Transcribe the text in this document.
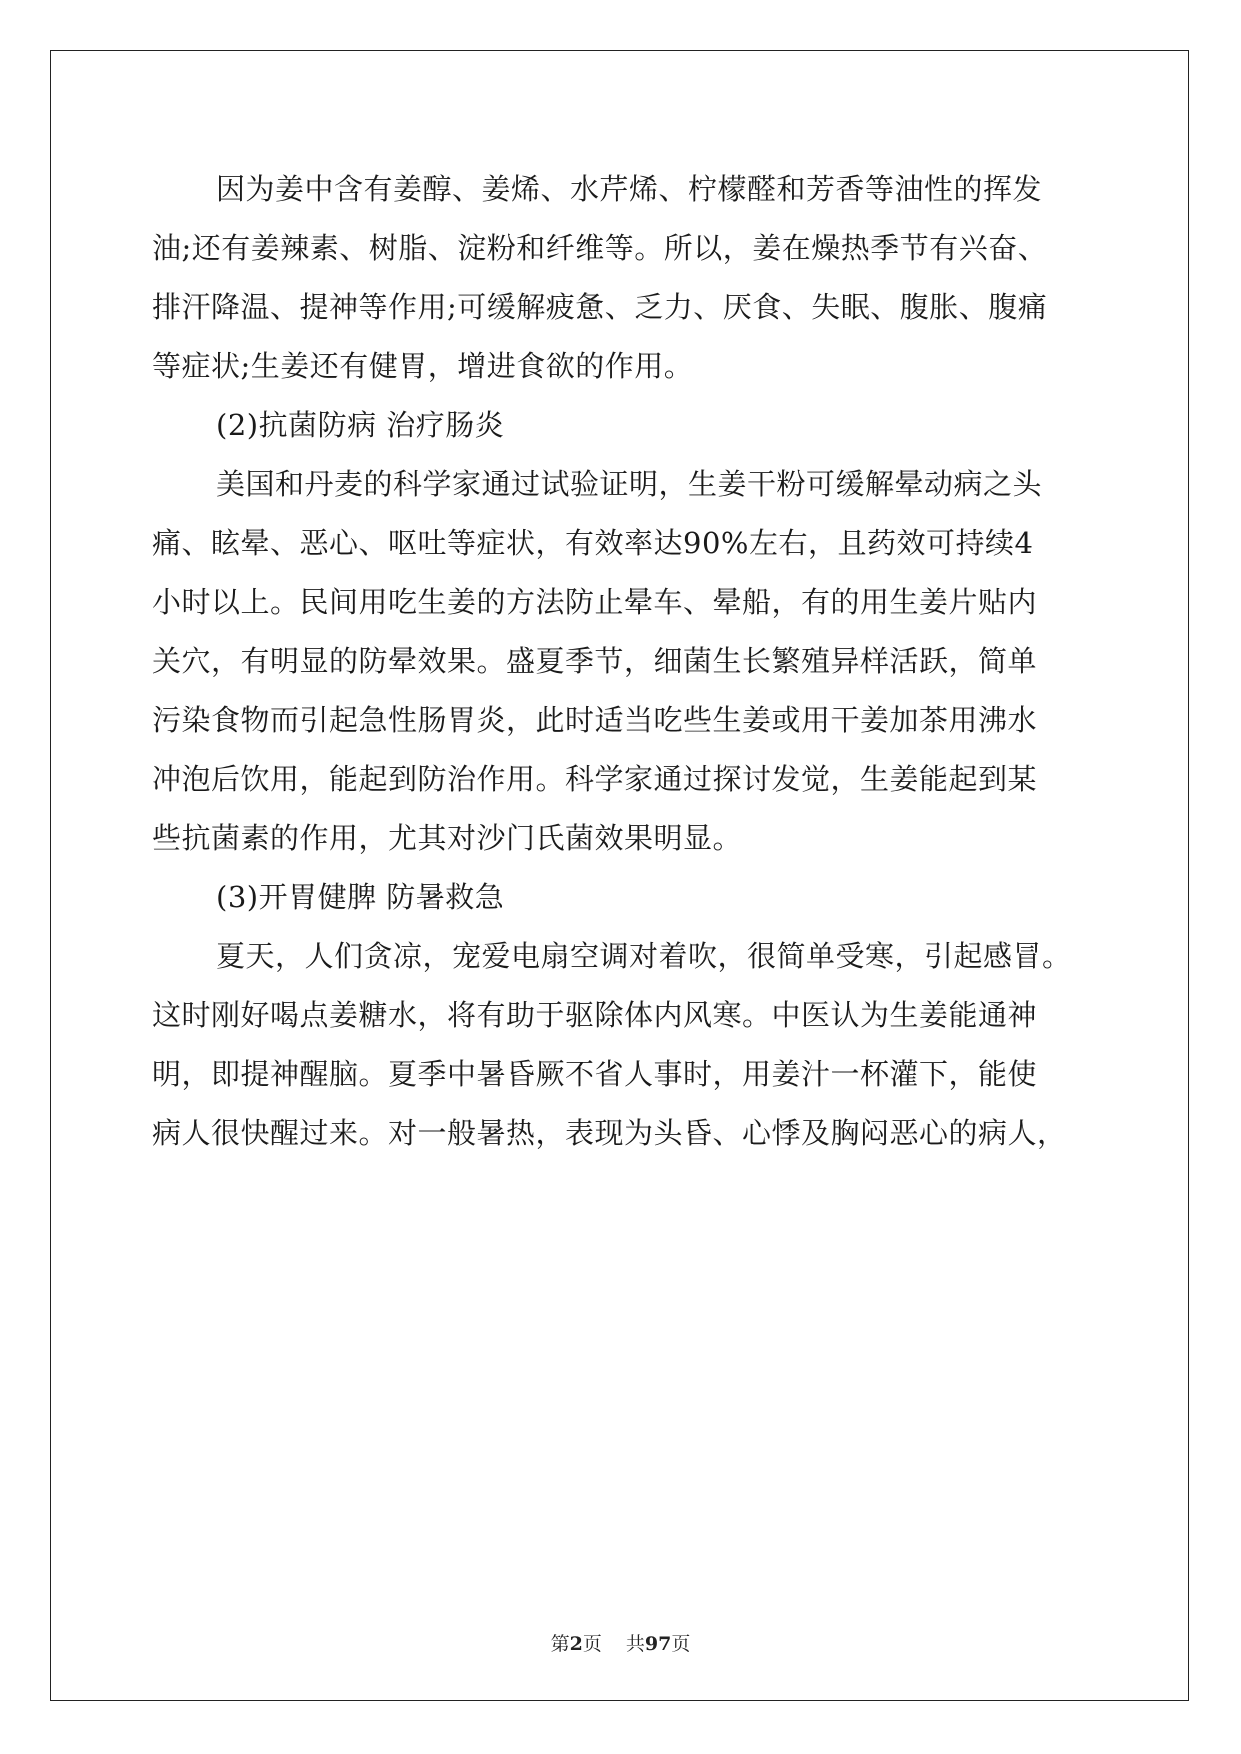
因为姜中含有姜醇、姜烯、水芹烯、柠檬醛和芳香等油性的挥发
油;还有姜辣素、树脂、淀粉和纤维等。所以，姜在燥热季节有兴奋、
排汗降温、提神等作用;可缓解疲惫、乏力、厌食、失眠、腹胀、腹痛
等症状;生姜还有健胃，增进食欲的作用。
(2)抗菌防病 治疗肠炎
美国和丹麦的科学家通过试验证明，生姜干粉可缓解晕动病之头
痛、眩晕、恶心、呕吐等症状，有效率达90%左右，且药效可持续4
小时以上。民间用吃生姜的方法防止晕车、晕船，有的用生姜片贴内
关穴，有明显的防晕效果。盛夏季节，细菌生长繁殖异样活跃，简单
污染食物而引起急性肠胃炎，此时适当吃些生姜或用干姜加茶用沸水
冲泡后饮用，能起到防治作用。科学家通过探讨发觉，生姜能起到某
些抗菌素的作用，尤其对沙门氏菌效果明显。
(3)开胃健脾 防暑救急
夏天，人们贪凉，宠爱电扇空调对着吹，很简单受寒，引起感冒。
这时刚好喝点姜糖水，将有助于驱除体内风寒。中医认为生姜能通神
明，即提神醒脑。夏季中暑昏厥不省人事时，用姜汁一杯灌下，能使
病人很快醒过来。对一般暑热，表现为头昏、心悸及胸闷恶心的病人，
第2页 共97页
